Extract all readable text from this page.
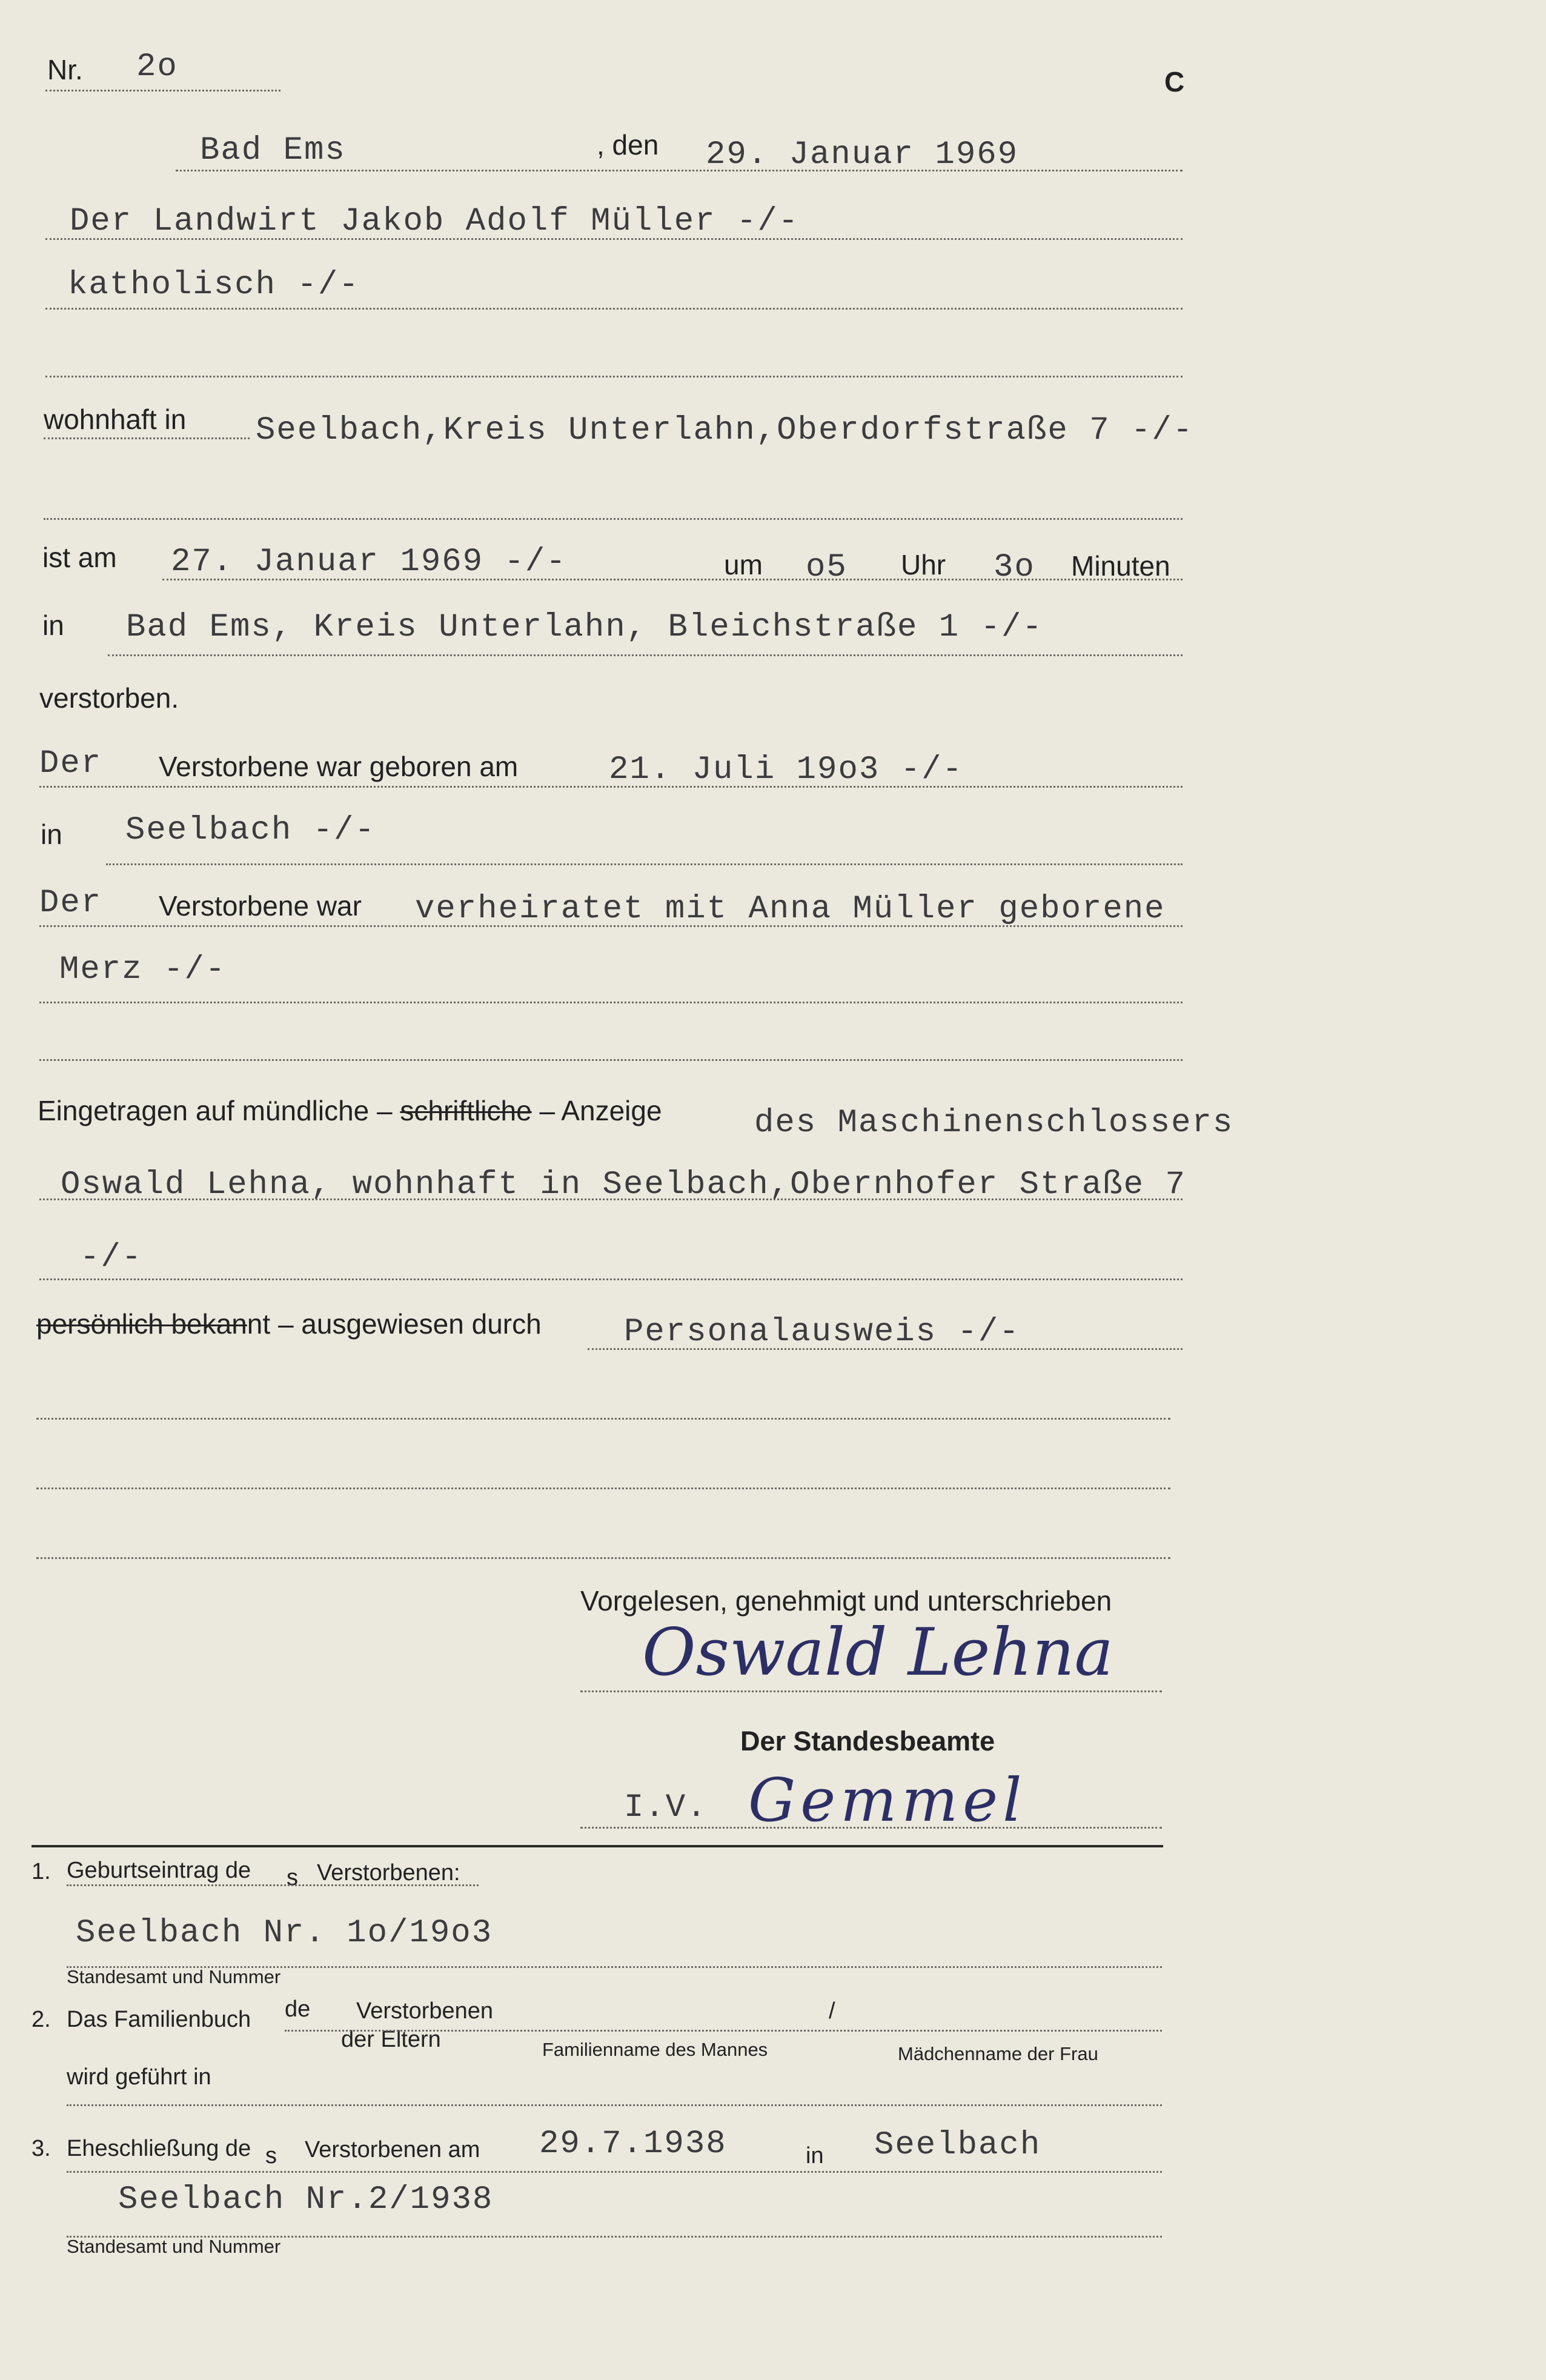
Nr. 2o	C
Bad Ems	, den 29. Januar 1969
Der Landwirt Jakob Adolf Müller -/-
katholisch -/-
wohnhaft in Seelbach,Kreis Unterlahn,Oberdorfstraße 7 -/-
ist am 27. Januar 1969 -/-	um o5 Uhr 3o Minuten
in Bad Ems, Kreis Unterlahn, Bleichstraße 1 -/-
verstorben.
Der Verstorbene war geboren am	21. Juli 19o3 -/-
in Seelbach -/-
Der Verstorbene war verheiratet mit Anna Müller geborene
Merz -/-
Eingetragen auf mündliche – schriftliche – Anzeige	des Maschinenschlossers
Oswald Lehna, wohnhaft in Seelbach,Obernhofer Straße 7
-/-
persönlich bekannt – ausgewiesen durch	Personalausweis -/-
Vorgelesen, genehmigt und unterschrieben
Oswald Lehna
Der Standesbeamte
I.V. Gemmel
1. Geburtseintrag de s Verstorbenen:
Seelbach Nr. 1o/19o3
Standesamt und Nummer
2. Das Familienbuch de Verstorbenen
der Eltern
/
Familienname des Mannes	Mädchenname der Frau
wird geführt in
3. Eheschließung de s Verstorbenen am 29.7.1938	in Seelbach
Seelbach Nr.2/1938
Standesamt und Nummer
